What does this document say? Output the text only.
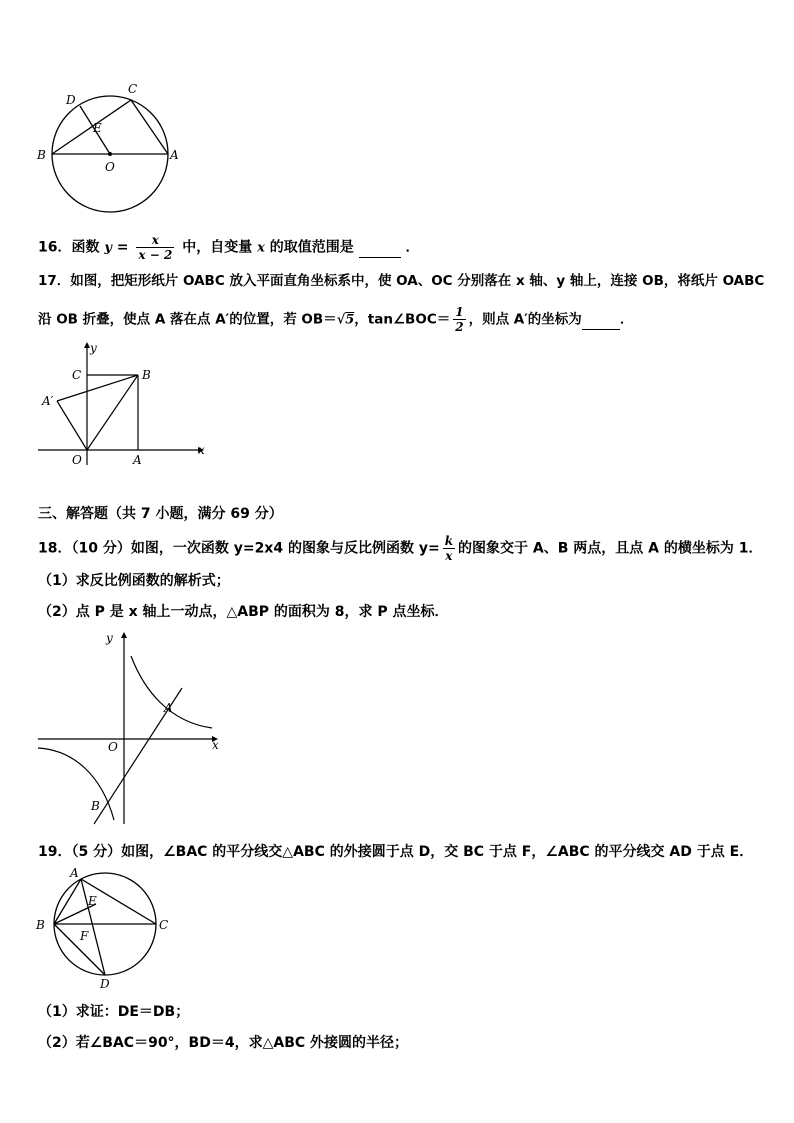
D
C
E
B
O
A
16．函数 $y = \frac{x}{x - 2}$ 中，自变量 x 的取值范围是	．
17．如图，把矩形纸片 OABC 放入平面直角坐标系中，使 OA、OC 分别落在 x 轴、y 轴上，连接 OB，将纸片 OABC
沿 OB 折叠，使点 A 落在点 A′的位置，若 OB＝√5，tan∠BOC＝ $\frac{1}{2}$ ，则点 A′的坐标为	．
y
C	B
A′
O	A
x
三、解答题（共 7 小题，满分 69 分）
18．（10 分）如图，一次函数 y=2x4 的图象与反比例函数 $y= \frac{k}{x}$ 的图象交于 A、B 两点，且点 A 的横坐标为 1．
（1）求反比例函数的解析式；
（2）点 P 是 x 轴上一动点，△ABP 的面积为 8，求 P 点坐标．
y
A
O	x
B
19．（5 分）如图，∠BAC 的平分线交△ABC 的外接圆于点 D，交 BC 于点 F，∠ABC 的平分线交 AD 于点 E．
A
E
B	C
F
D
（1）求证：DE＝DB；
（2）若∠BAC＝90°，BD＝4，求△ABC 外接圆的半径；
